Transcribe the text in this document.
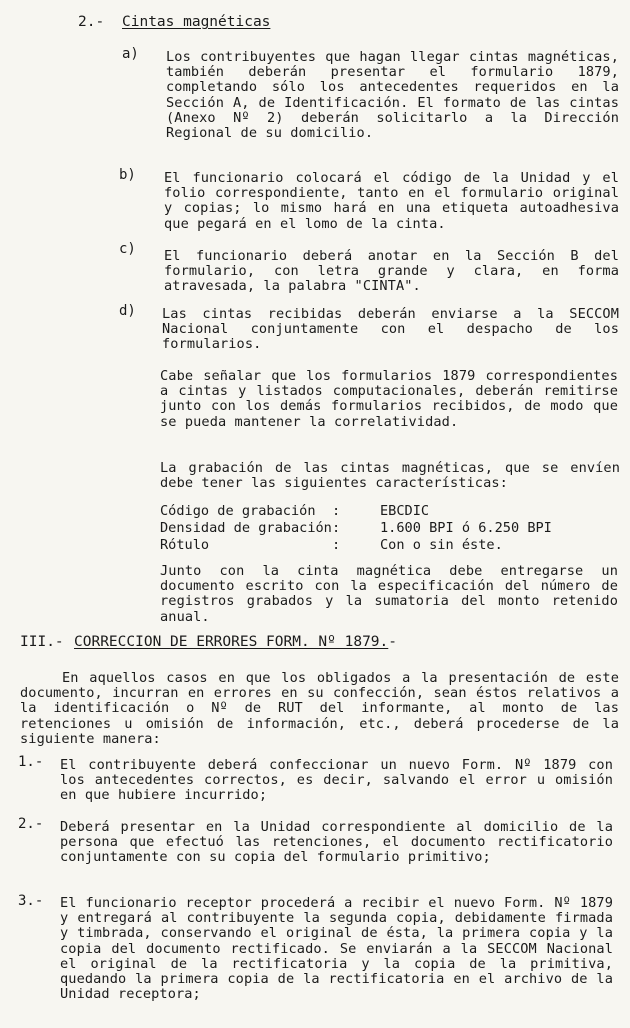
2.- Cintas magnéticas
a) Los contribuyentes que hagan llegar cintas magnéticas, también deberán presentar el formulario 1879, completando sólo los antecedentes requeridos en la Sección A, de Identificación. El formato de las cintas (Anexo Nº 2) deberán solicitarlo a la Dirección Regional de su domicilio.
b) El funcionario colocará el código de la Unidad y el folio correspondiente, tanto en el formulario original y copias; lo mismo hará en una etiqueta autoadhesiva que pegará en el lomo de la cinta.
c) El funcionario deberá anotar en la Sección B del formulario, con letra grande y clara, en forma atravesada, la palabra "CINTA".
d) Las cintas recibidas deberán enviarse a la SECCOM Nacional conjuntamente con el despacho de los formularios.
Cabe señalar que los formularios 1879 correspondientes a cintas y listados computacionales, deberán remitirse junto con los demás formularios recibidos, de modo que se pueda mantener la correlatividad.
La grabación de las cintas magnéticas, que se envíen debe tener las siguientes características:
Código de grabación	:	EBCDIC
Densidad de grabación :	1.600 BPI ó 6.250 BPI
Rótulo	:	Con o sin éste.
Junto con la cinta magnética debe entregarse un documento escrito con la especificación del número de registros grabados y la sumatoria del monto retenido anual.
III.- CORRECCION DE ERRORES FORM. Nº 1879.-
En aquellos casos en que los obligados a la presentación de este documento, incurran en errores en su confección, sean éstos relativos a la identificación o Nº de RUT del informante, al monto de las retenciones u omisión de información, etc., deberá procederse de la siguiente manera:
1.- El contribuyente deberá confeccionar un nuevo Form. Nº 1879 con los antecedentes correctos, es decir, salvando el error u omisión en que hubiere incurrido;
2.- Deberá presentar en la Unidad correspondiente al domicilio de la persona que efectuó las retenciones, el documento rectificatorio conjuntamente con su copia del formulario primitivo;
3.- El funcionario receptor procederá a recibir el nuevo Form. Nº 1879 y entregará al contribuyente la segunda copia, debidamente firmada y timbrada, conservando el original de ésta, la primera copia y la copia del documento rectificado. Se enviarán a la SECCOM Nacional el original de la rectificatoria y la copia de la primitiva, quedando la primera copia de la rectificatoria en el archivo de la Unidad receptora;
